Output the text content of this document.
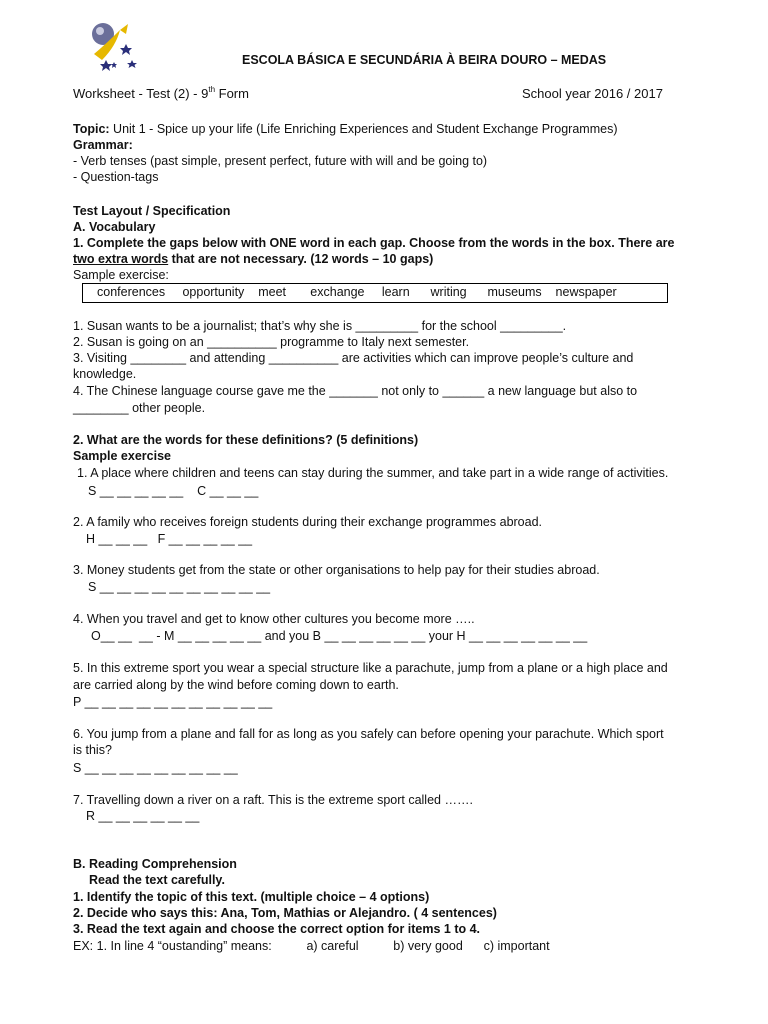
ESCOLA BÁSICA E SECUNDÁRIA À BEIRA DOURO – MEDAS
Worksheet - Test (2) - 9th Form	School year 2016 / 2017
Topic: Unit 1 - Spice up your life (Life Enriching Experiences and Student Exchange Programmes)
Grammar:
- Verb tenses (past simple, present perfect, future with will and be going to)
- Question-tags
Test Layout / Specification
A. Vocabulary
1. Complete the gaps below with ONE word in each gap. Choose from the words in the box. There are
two extra words that are not necessary. (12 words – 10 gaps)
Sample exercise:
conferences     opportunity    meet       exchange     learn      writing      museums    newspaper
1. Susan wants to be a journalist; that’s why she is _________ for the school _________.
2. Susan is going on an __________ programme to Italy next semester.
3. Visiting ________ and attending __________ are activities which can improve people’s culture and
knowledge.
4. The Chinese language course gave me the _______ not only to ______ a new language but also to
________ other people.
2. What are the words for these definitions? (5 definitions)
Sample exercise
1. A place where children and teens can stay during the summer, and take part in a wide range of activities.
S __ __ __ __ __    C __ __ __
2. A family who receives foreign students during their exchange programmes abroad.
H __ __ __   F __ __ __ __ __
3. Money students get from the state or other organisations to help pay for their studies abroad.
S __ __ __ __ __ __ __ __ __ __
4. When you travel and get to know other cultures you become more …..
O__ __  __ - M __ __ __ __ __ and you B __ __ __ __ __ __ your H __ __ __ __ __ __ __
5. In this extreme sport you wear a special structure like a parachute, jump from a plane or a high place and
are carried along by the wind before coming down to earth.
P __ __ __ __ __ __ __ __ __ __ __
6. You jump from a plane and fall for as long as you safely can before opening your parachute. Which sport
is this?
S __ __ __ __ __ __ __ __ __
7. Travelling down a river on a raft. This is the extreme sport called …….
R __ __ __ __ __ __
B. Reading Comprehension
Read the text carefully.
1. Identify the topic of this text. (multiple choice – 4 options)
2. Decide who says this: Ana, Tom, Mathias or Alejandro. ( 4 sentences)
3. Read the text again and choose the correct option for items 1 to 4.
EX: 1. In line 4 “oustanding” means:          a) careful          b) very good      c) important
